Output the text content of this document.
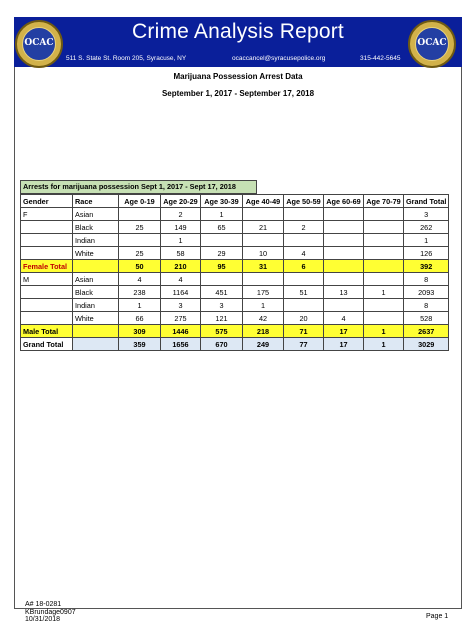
Crime Analysis Report
511 S. State St. Room 205, Syracuse, NY	ocaccancel@syracusepolice.org	315-442-5645
OCAC	OCAC
Marijuana Possession Arrest Data
September 1, 2017 - September 17, 2018
Arrests for marijuana possession Sept 1, 2017 - Sept 17, 2018
Gender	Race	Age 0-19	Age 20-29	Age 30-39	Age 40-49	Age 50-59	Age 60-69	Age 70-79	Grand Total
F	Asian		2	1					3
	Black	25	149	65	21	2			262
	Indian		1						1
	White	25	58	29	10	4			126
Female Total		50	210	95	31	6			392
M	Asian	4	4						8
	Black	238	1164	451	175	51	13	1	2093
	Indian	1	3	3	1				8
	White	66	275	121	42	20	4		528
Male Total		309	1446	575	218	71	17	1	2637
Grand Total		359	1656	670	249	77	17	1	3029
A# 18-0281
KBrundage0907
10/31/2018	Page 1
